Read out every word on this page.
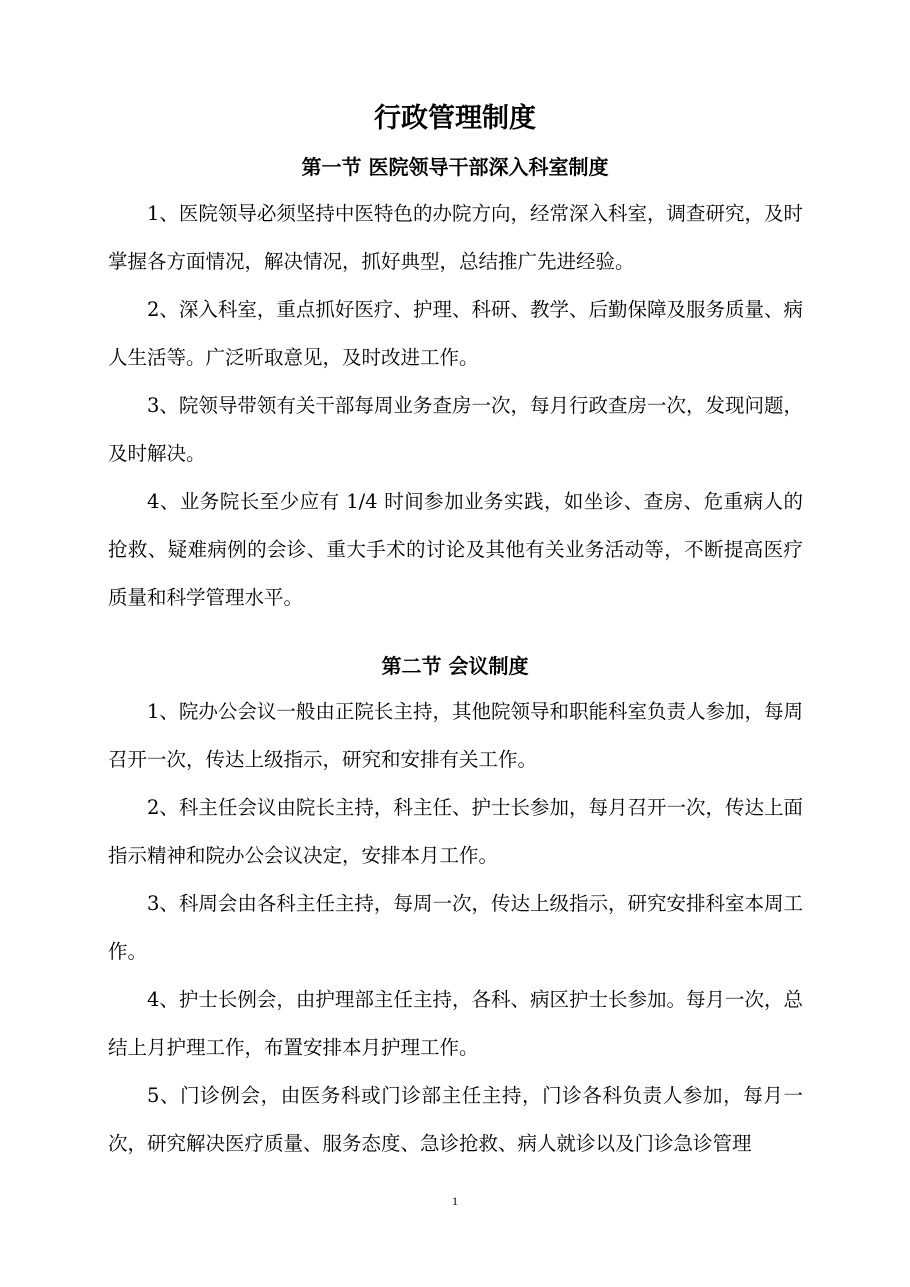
行政管理制度
第一节 医院领导干部深入科室制度

1、医院领导必须坚持中医特色的办院方向，经常深入科室，调查研究，及时掌握各方面情况，解决情况，抓好典型，总结推广先进经验。

2、深入科室，重点抓好医疗、护理、科研、教学、后勤保障及服务质量、病人生活等。广泛听取意见，及时改进工作。

3、院领导带领有关干部每周业务查房一次，每月行政查房一次，发现问题，及时解决。

4、业务院长至少应有 1/4 时间参加业务实践，如坐诊、查房、危重病人的抢救、疑难病例的会诊、重大手术的讨论及其他有关业务活动等，不断提高医疗质量和科学管理水平。

第二节 会议制度

1、院办公会议一般由正院长主持，其他院领导和职能科室负责人参加，每周召开一次，传达上级指示，研究和安排有关工作。

2、科主任会议由院长主持，科主任、护士长参加，每月召开一次，传达上面指示精神和院办公会议决定，安排本月工作。

3、科周会由各科主任主持，每周一次，传达上级指示，研究安排科室本周工作。

4、护士长例会，由护理部主任主持，各科、病区护士长参加。每月一次，总结上月护理工作，布置安排本月护理工作。

5、门诊例会，由医务科或门诊部主任主持，门诊各科负责人参加，每月一次，研究解决医疗质量、服务态度、急诊抢救、病人就诊以及门诊急诊管理

1
